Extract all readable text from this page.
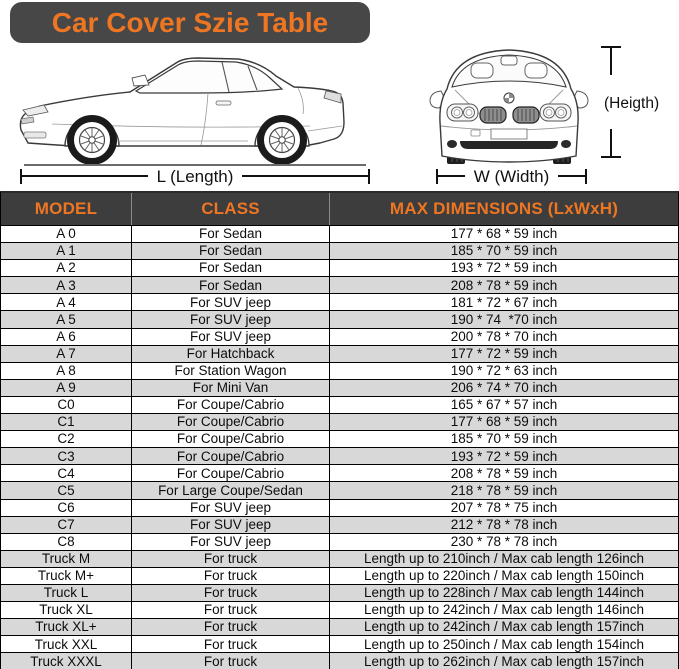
Car Cover Szie Table
L (Length)	W (Width)
(Heigth)
MODEL	CLASS	MAX DIMENSIONS (LxWxH)
A 0	For Sedan	177 * 68 * 59 inch
A 1	For Sedan	185 * 70 * 59 inch
A 2	For Sedan	193 * 72 * 59 inch
A 3	For Sedan	208 * 78 * 59 inch
A 4	For SUV jeep	181 * 72 * 67 inch
A 5	For SUV jeep	190 * 74  *70 inch
A 6	For SUV jeep	200 * 78 * 70 inch
A 7	For Hatchback	177 * 72 * 59 inch
A 8	For Station Wagon	190 * 72 * 63 inch
A 9	For Mini Van	206 * 74 * 70 inch
C0	For Coupe/Cabrio	165 * 67 * 57 inch
C1	For Coupe/Cabrio	177 * 68 * 59 inch
C2	For Coupe/Cabrio	185 * 70 * 59 inch
C3	For Coupe/Cabrio	193 * 72 * 59 inch
C4	For Coupe/Cabrio	208 * 78 * 59 inch
C5	For Large Coupe/Sedan	218 * 78 * 59 inch
C6	For SUV jeep	207 * 78 * 75 inch
C7	For SUV jeep	212 * 78 * 78 inch
C8	For SUV jeep	230 * 78 * 78 inch
Truck M	For truck	Length up to 210inch / Max cab length 126inch
Truck M+	For truck	Length up to 220inch / Max cab length 150inch
Truck L	For truck	Length up to 228inch / Max cab length 144inch
Truck XL	For truck	Length up to 242inch / Max cab length 146inch
Truck XL+	For truck	Length up to 242inch / Max cab length 157inch
Truck XXL	For truck	Length up to 250inch / Max cab length 154inch
Truck XXXL	For truck	Length up to 262inch / Max cab length 157inch
